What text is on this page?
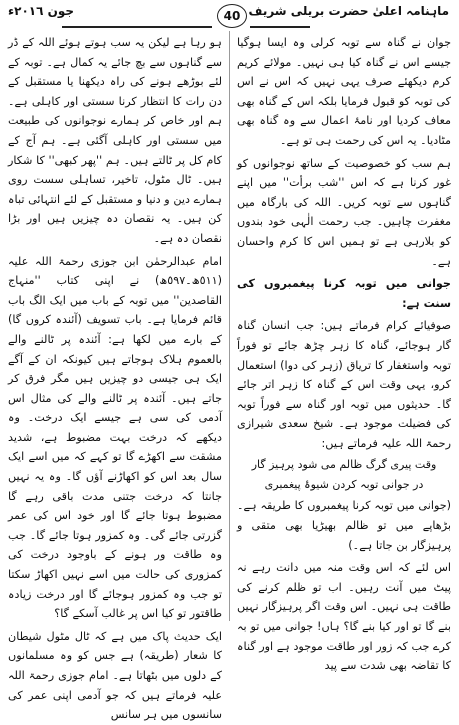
ماہنامہ اعلیٰ حضرت بریلی شریف
40
جون ٢٠١٦ء

جوان نے گناہ سے توبہ کرلی وہ ایسا ہوگیا جیسے اس نے گناہ کیا ہی نہیں۔ مولائے کریم کرم دیکھئے صرف یہی نہیں کہ اس نے اس کی توبہ کو قبول فرمایا بلکہ اس کے گناہ بھی معاف کردیا اور نامۂ اعمال سے وہ گناہ بھی مٹادیا۔ یہ اس کی رحمت ہی تو ہے۔

ہم سب کو خصوصیت کے ساتھ نوجوانوں کو غور کرنا ہے کہ اس ''شب برأت'' میں اپنے گناہوں سے توبہ کریں۔ اللہ کی بارگاہ میں مغفرت چاہیں۔ جب رحمت الٰہی خود بندوں کو بلارہی ہے تو ہمیں اس کا کرم واحسان ہے۔

جوانی میں توبہ کرنا پیغمبروں کی سنت ہے:

صوفیائے کرام فرماتے ہیں: جب انسان گناہ گار ہوجائے، گناہ کا زہر چڑھ جائے تو فوراً توبہ واستغفار کا تریاق (زہر کی دوا) استعمال کرو، یہی وقت اس کے گناہ کا زہر اتر جائے گا۔ حدیثوں میں توبہ اور گناہ سے فوراً توبہ کی فضیلت موجود ہے۔ شیخ سعدی شیرازی رحمۃ اللہ علیہ فرماتے ہیں:

وقت پیری گرگ ظالم می شود پرہیز گار
در جوانی توبہ کردن شیوۂ پیغمبری

(جوانی میں توبہ کرنا پیغمبروں کا طریقہ ہے۔ بڑھاپے میں تو ظالم بھیڑیا بھی متقی و پرہیزگار بن جاتا ہے۔)

اس لئے کہ اس وقت منہ میں دانت رہے نہ پیٹ میں آنت رہیں۔ اب تو ظلم کرنے کی طاقت ہی نہیں۔ اس وقت اگر پرہیزگار نہیں بنے گا تو اور کیا بنے گا؟ ہاں! جوانی میں تو بہ کرے جب کہ زور اور طاقت موجود ہے اور گناہ کا تقاضہ بھی شدت سے پید

ہو رہا ہے لیکن یہ سب ہوتے ہوئے اللہ کے ڈر سے گناہوں سے بچ جائے یہ کمال ہے۔ توبہ کے لئے بوڑھے ہونے کی راہ دیکھنا یا مستقبل کے دن رات کا انتظار کرنا سستی اور کاہلی ہے۔ ہم اور خاص کر ہمارے نوجوانوں کی طبیعت میں سستی اور کاہلی آگئی ہے۔ ہم آج کے کام کل پر ٹالتے ہیں۔ ہم ''پھر کبھی'' کا شکار ہیں۔ ٹال مٹول، تاخیر، تساہلی سست روی ہمارے دین و دنیا و مستقبل کے لئے انتہائی تباہ کن ہیں۔ یہ نقصان دہ چیزیں ہیں اور بڑا نقصان دہ ہے۔

امام عبدالرحمٰن ابن جوزی رحمۃ اللہ علیہ (٥١١ھ۔٥٩٧ھ) نے اپنی کتاب ''منہاج القاصدین'' میں توبہ کے باب میں ایک الگ باب قائم فرمایا ہے۔ باب تسویف (آئندہ کروں گا) کے بارے میں لکھا ہے: آئندہ پر ٹالنے والے بالعموم ہلاک ہوجاتے ہیں کیونکہ ان کے آگے ایک ہی جیسی دو چیزیں ہیں مگر فرق کر جاتے ہیں۔ آئندہ پر ٹالنے والے کی مثال اس آدمی کی سی ہے جیسے ایک درخت۔ وہ دیکھے کہ درخت بہت مضبوط ہے، شدید مشقت سے اکھڑے گا تو کہے کہ میں اسے ایک سال بعد اس کو اکھاڑنے آؤں گا۔ وہ یہ نہیں جانتا کہ درخت جتنی مدت باقی رہے گا مضبوط ہوتا جائے گا اور خود اس کی عمر گزرتی جائے گی۔ وہ کمزور ہوتا جائے گا۔ جب وہ طاقت ور ہونے کے باوجود درخت کی کمزوری کی حالت میں اسے نہیں اکھاڑ سکتا تو جب وہ کمزور ہوجائے گا اور درخت زیادہ طاقتور تو کیا اس پر غالب آسکے گا؟

ایک حدیث پاک میں ہے کہ ٹال مٹول شیطان کا شعار (طریقہ) ہے جس کو وہ مسلمانوں کے دلوں میں بٹھاتا ہے۔ امام جوزی رحمۃ اللہ علیہ فرماتے ہیں کہ جو آدمی اپنی عمر کی سانسوں میں ہر سانس
